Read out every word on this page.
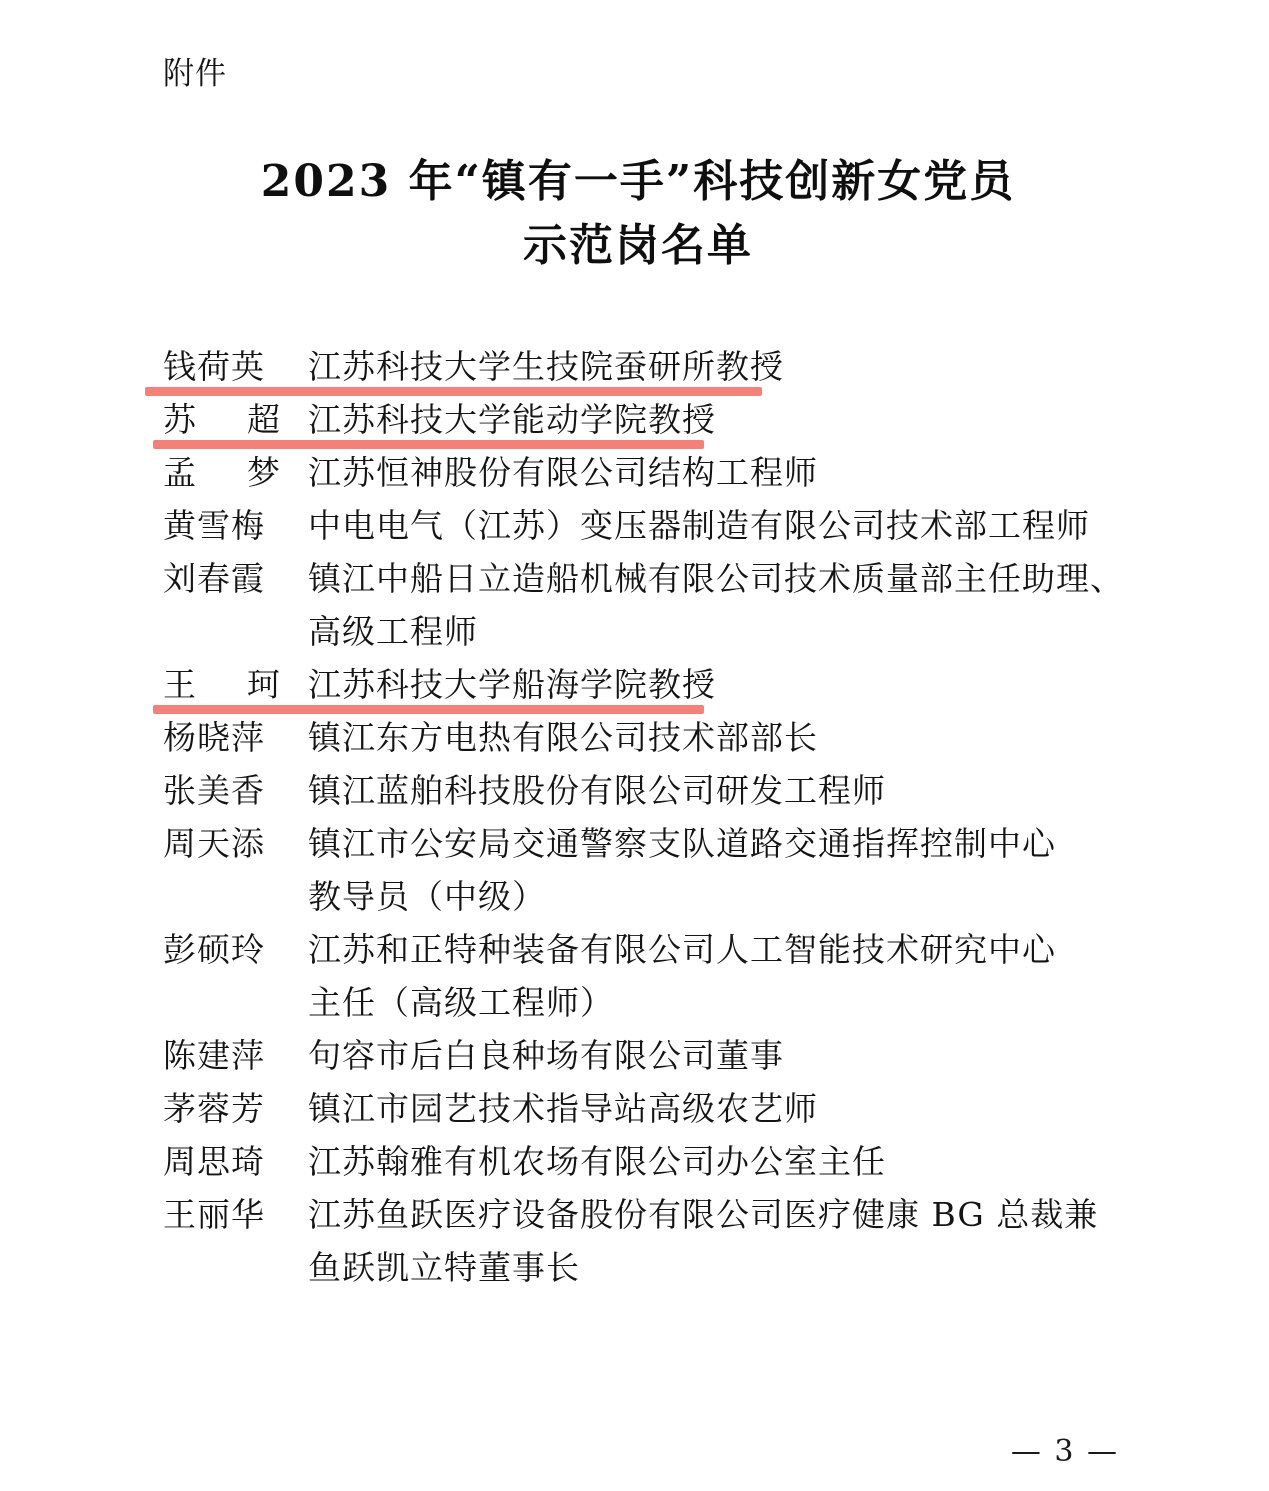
附件
2023 年“镇有一手”科技创新女党员
示范岗名单
钱荷英	江苏科技大学生技院蚕研所教授
苏 超 江苏科技大学能动学院教授
孟 梦 江苏恒神股份有限公司结构工程师
黄雪梅	中电电气（江苏）变压器制造有限公司技术部工程师
刘春霞	镇江中船日立造船机械有限公司技术质量部主任助理、
高级工程师
王 珂 江苏科技大学船海学院教授
杨晓萍	镇江东方电热有限公司技术部部长
张美香	镇江蓝舶科技股份有限公司研发工程师
周天添	镇江市公安局交通警察支队道路交通指挥控制中心
教导员（中级）
彭硕玲	江苏和正特种装备有限公司人工智能技术研究中心
主任（高级工程师）
陈建萍	句容市后白良种场有限公司董事
茅蓉芳	镇江市园艺技术指导站高级农艺师
周思琦	江苏翰雅有机农场有限公司办公室主任
王丽华	江苏鱼跃医疗设备股份有限公司医疗健康 BG 总裁兼
鱼跃凯立特董事长
— 3 —
